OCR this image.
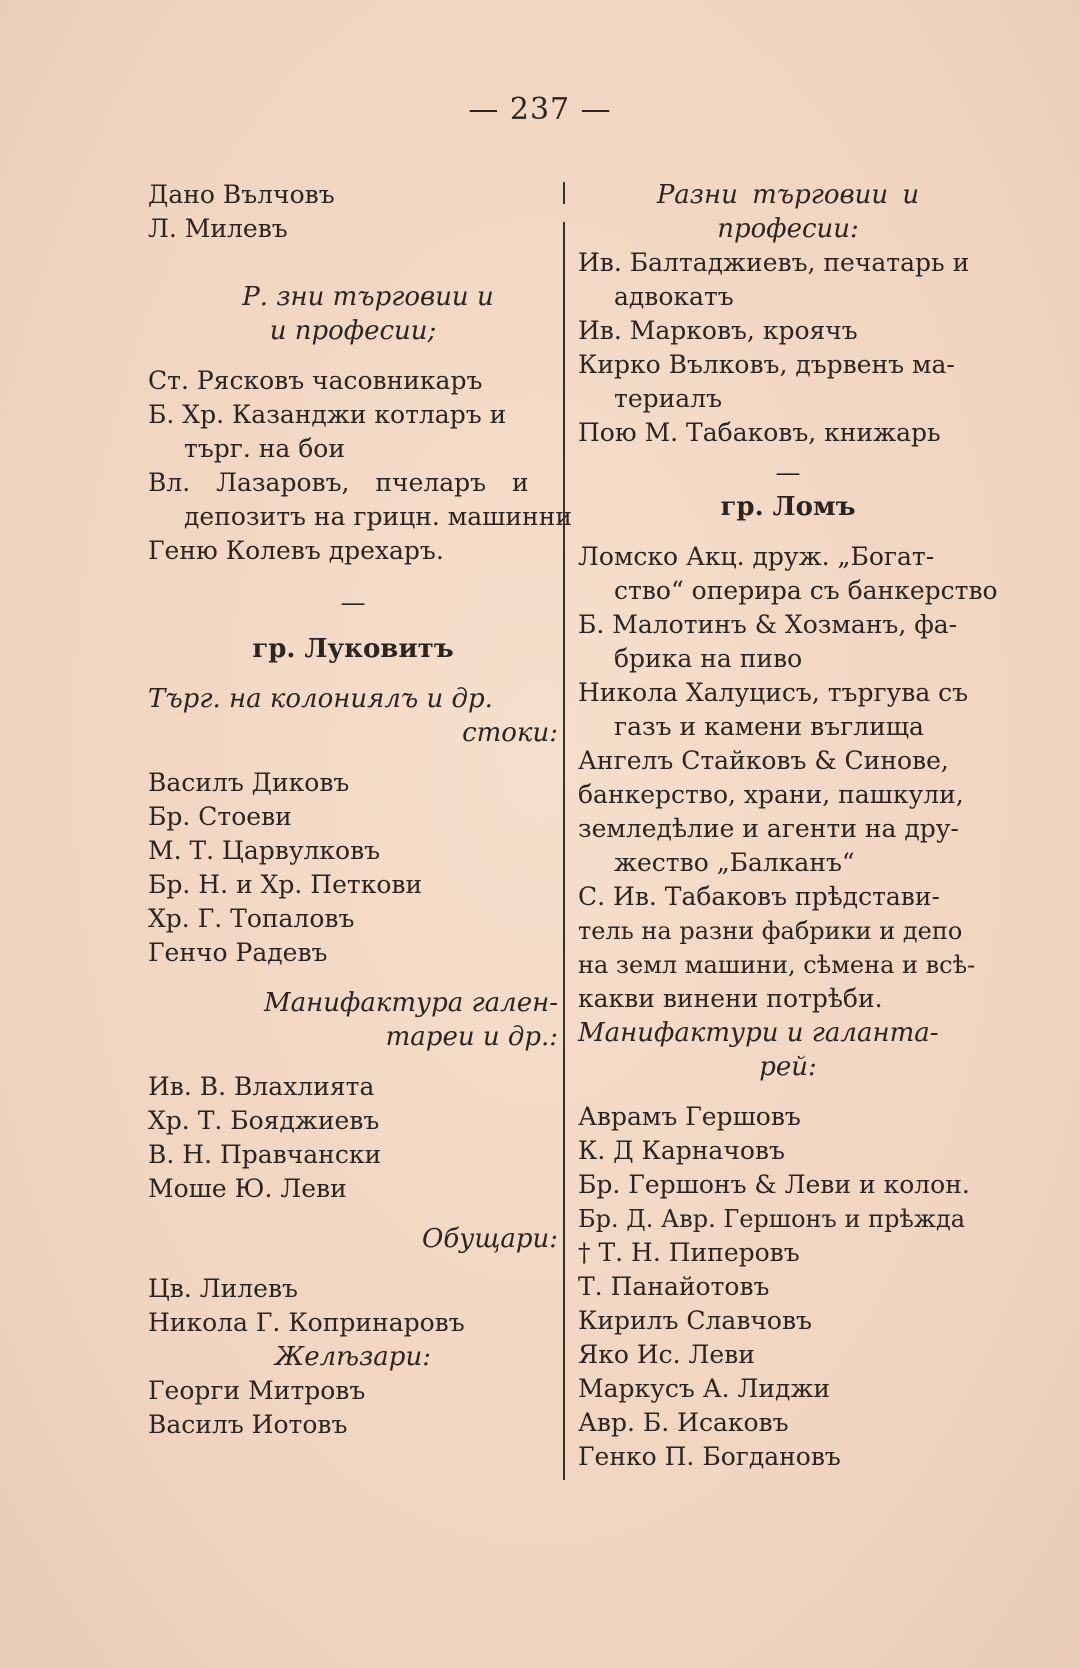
— 237 —
Дано Вълчовъ
Л. Милевъ
Р. зни търговии и
и професии;
Ст. Рясковъ часовникаръ
Б. Хр. Казанджи котларъ и
търг. на бои
Вл. Лазаровъ, пчеларъ и
депозитъ на грицн. машинни
Геню Колевъ дрехаръ.
—
гр. Луковитъ
Търг. на колониялъ и др.
стоки:
Василъ Диковъ
Бр. Стоеви
М. Т. Царвулковъ
Бр. Н. и Хр. Петкови
Хр. Г. Топаловъ
Генчо Радевъ
Манифактура гален-
тареи и др.:
Ив. В. Влахлията
Хр. Т. Бояджиевъ
В. Н. Правчански
Моше Ю. Леви
Обущари:
Цв. Лилевъ
Никола Г. Копринаровъ
Желѣзари:
Георги Митровъ
Василъ Иотовъ
Разни търговии и
професии:
Ив. Балтаджиевъ, печатарь и
адвокатъ
Ив. Марковъ, кроячъ
Кирко Вълковъ, дървенъ ма-
териалъ
Пою М. Табаковъ, книжарь
—
гр. Ломъ
Ломско Акц. друж. „Богат-
ство“ оперира съ банкерство
Б. Малотинъ & Хозманъ, фа-
брика на пиво
Никола Халуцисъ, търгува съ
газъ и камени въглища
Ангелъ Стайковъ & Синове,
банкерство, храни, пашкули,
земледѣлие и агенти на дру-
жество „Балканъ“
С. Ив. Табаковъ прѣдстави-
тель на разни фабрики и депо
на земл машини, сѣмена и всѣ-
какви винени потрѣби.
Манифактури и галанта-
рей:
Аврамъ Гершовъ
К. Д Карначовъ
Бр. Гершонъ & Леви и колон.
Бр. Д. Авр. Гершонъ и прѣжда
† Т. Н. Пиперовъ
Т. Панайотовъ
Кирилъ Славчовъ
Яко Ис. Леви
Маркусъ А. Лиджи
Авр. Б. Исаковъ
Генко П. Богдановъ
